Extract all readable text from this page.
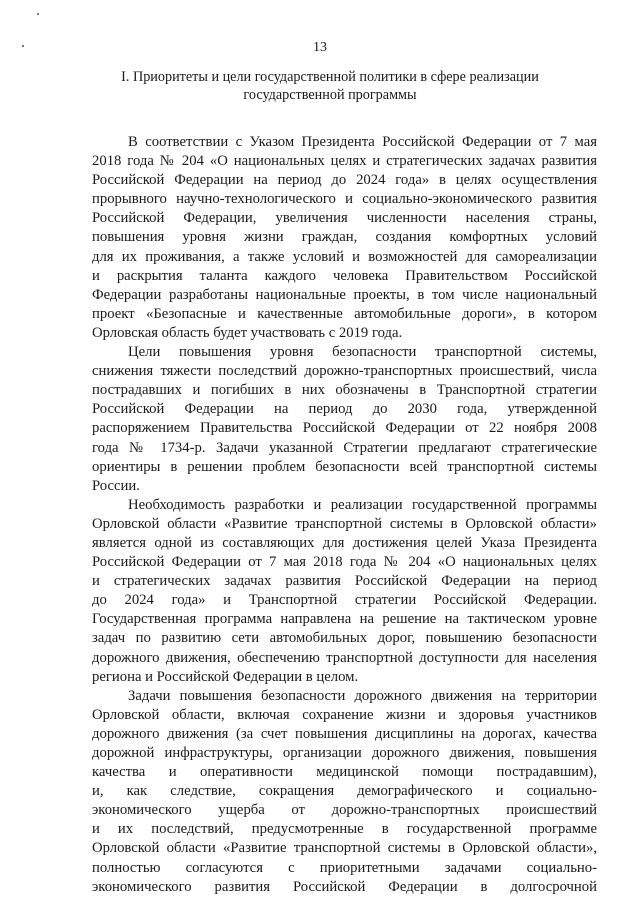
13
I. Приоритеты и цели государственной политики в сфере реализации
государственной программы

В соответствии с Указом Президента Российской Федерации от 7 мая
2018 года № 204 «О национальных целях и стратегических задачах развития
Российской Федерации на период до 2024 года» в целях осуществления
прорывного научно-технологического и социально-экономического развития
Российской Федерации, увеличения численности населения страны,
повышения уровня жизни граждан, создания комфортных условий
для их проживания, а также условий и возможностей для самореализации
и раскрытия таланта каждого человека Правительством Российской
Федерации разработаны национальные проекты, в том числе национальный
проект «Безопасные и качественные автомобильные дороги», в котором
Орловская область будет участвовать с 2019 года.

Цели повышения уровня безопасности транспортной системы,
снижения тяжести последствий дорожно-транспортных происшествий, числа
пострадавших и погибших в них обозначены в Транспортной стратегии
Российской Федерации на период до 2030 года, утвержденной
распоряжением Правительства Российской Федерации от 22 ноября 2008
года № 1734-р. Задачи указанной Стратегии предлагают стратегические
ориентиры в решении проблем безопасности всей транспортной системы
России.

Необходимость разработки и реализации государственной программы
Орловской области «Развитие транспортной системы в Орловской области»
является одной из составляющих для достижения целей Указа Президента
Российской Федерации от 7 мая 2018 года № 204 «О национальных целях
и стратегических задачах развития Российской Федерации на период
до 2024 года» и Транспортной стратегии Российской Федерации.
Государственная программа направлена на решение на тактическом уровне
задач по развитию сети автомобильных дорог, повышению безопасности
дорожного движения, обеспечению транспортной доступности для населения
региона и Российской Федерации в целом.

Задачи повышения безопасности дорожного движения на территории
Орловской области, включая сохранение жизни и здоровья участников
дорожного движения (за счет повышения дисциплины на дорогах, качества
дорожной инфраструктуры, организации дорожного движения, повышения
качества и оперативности медицинской помощи пострадавшим),
и, как следствие, сокращения демографического и социально-
экономического ущерба от дорожно-транспортных происшествий
и их последствий, предусмотренные в государственной программе
Орловской области «Развитие транспортной системы в Орловской области»,
полностью согласуются с приоритетными задачами социально-
экономического развития Российской Федерации в долгосрочной
